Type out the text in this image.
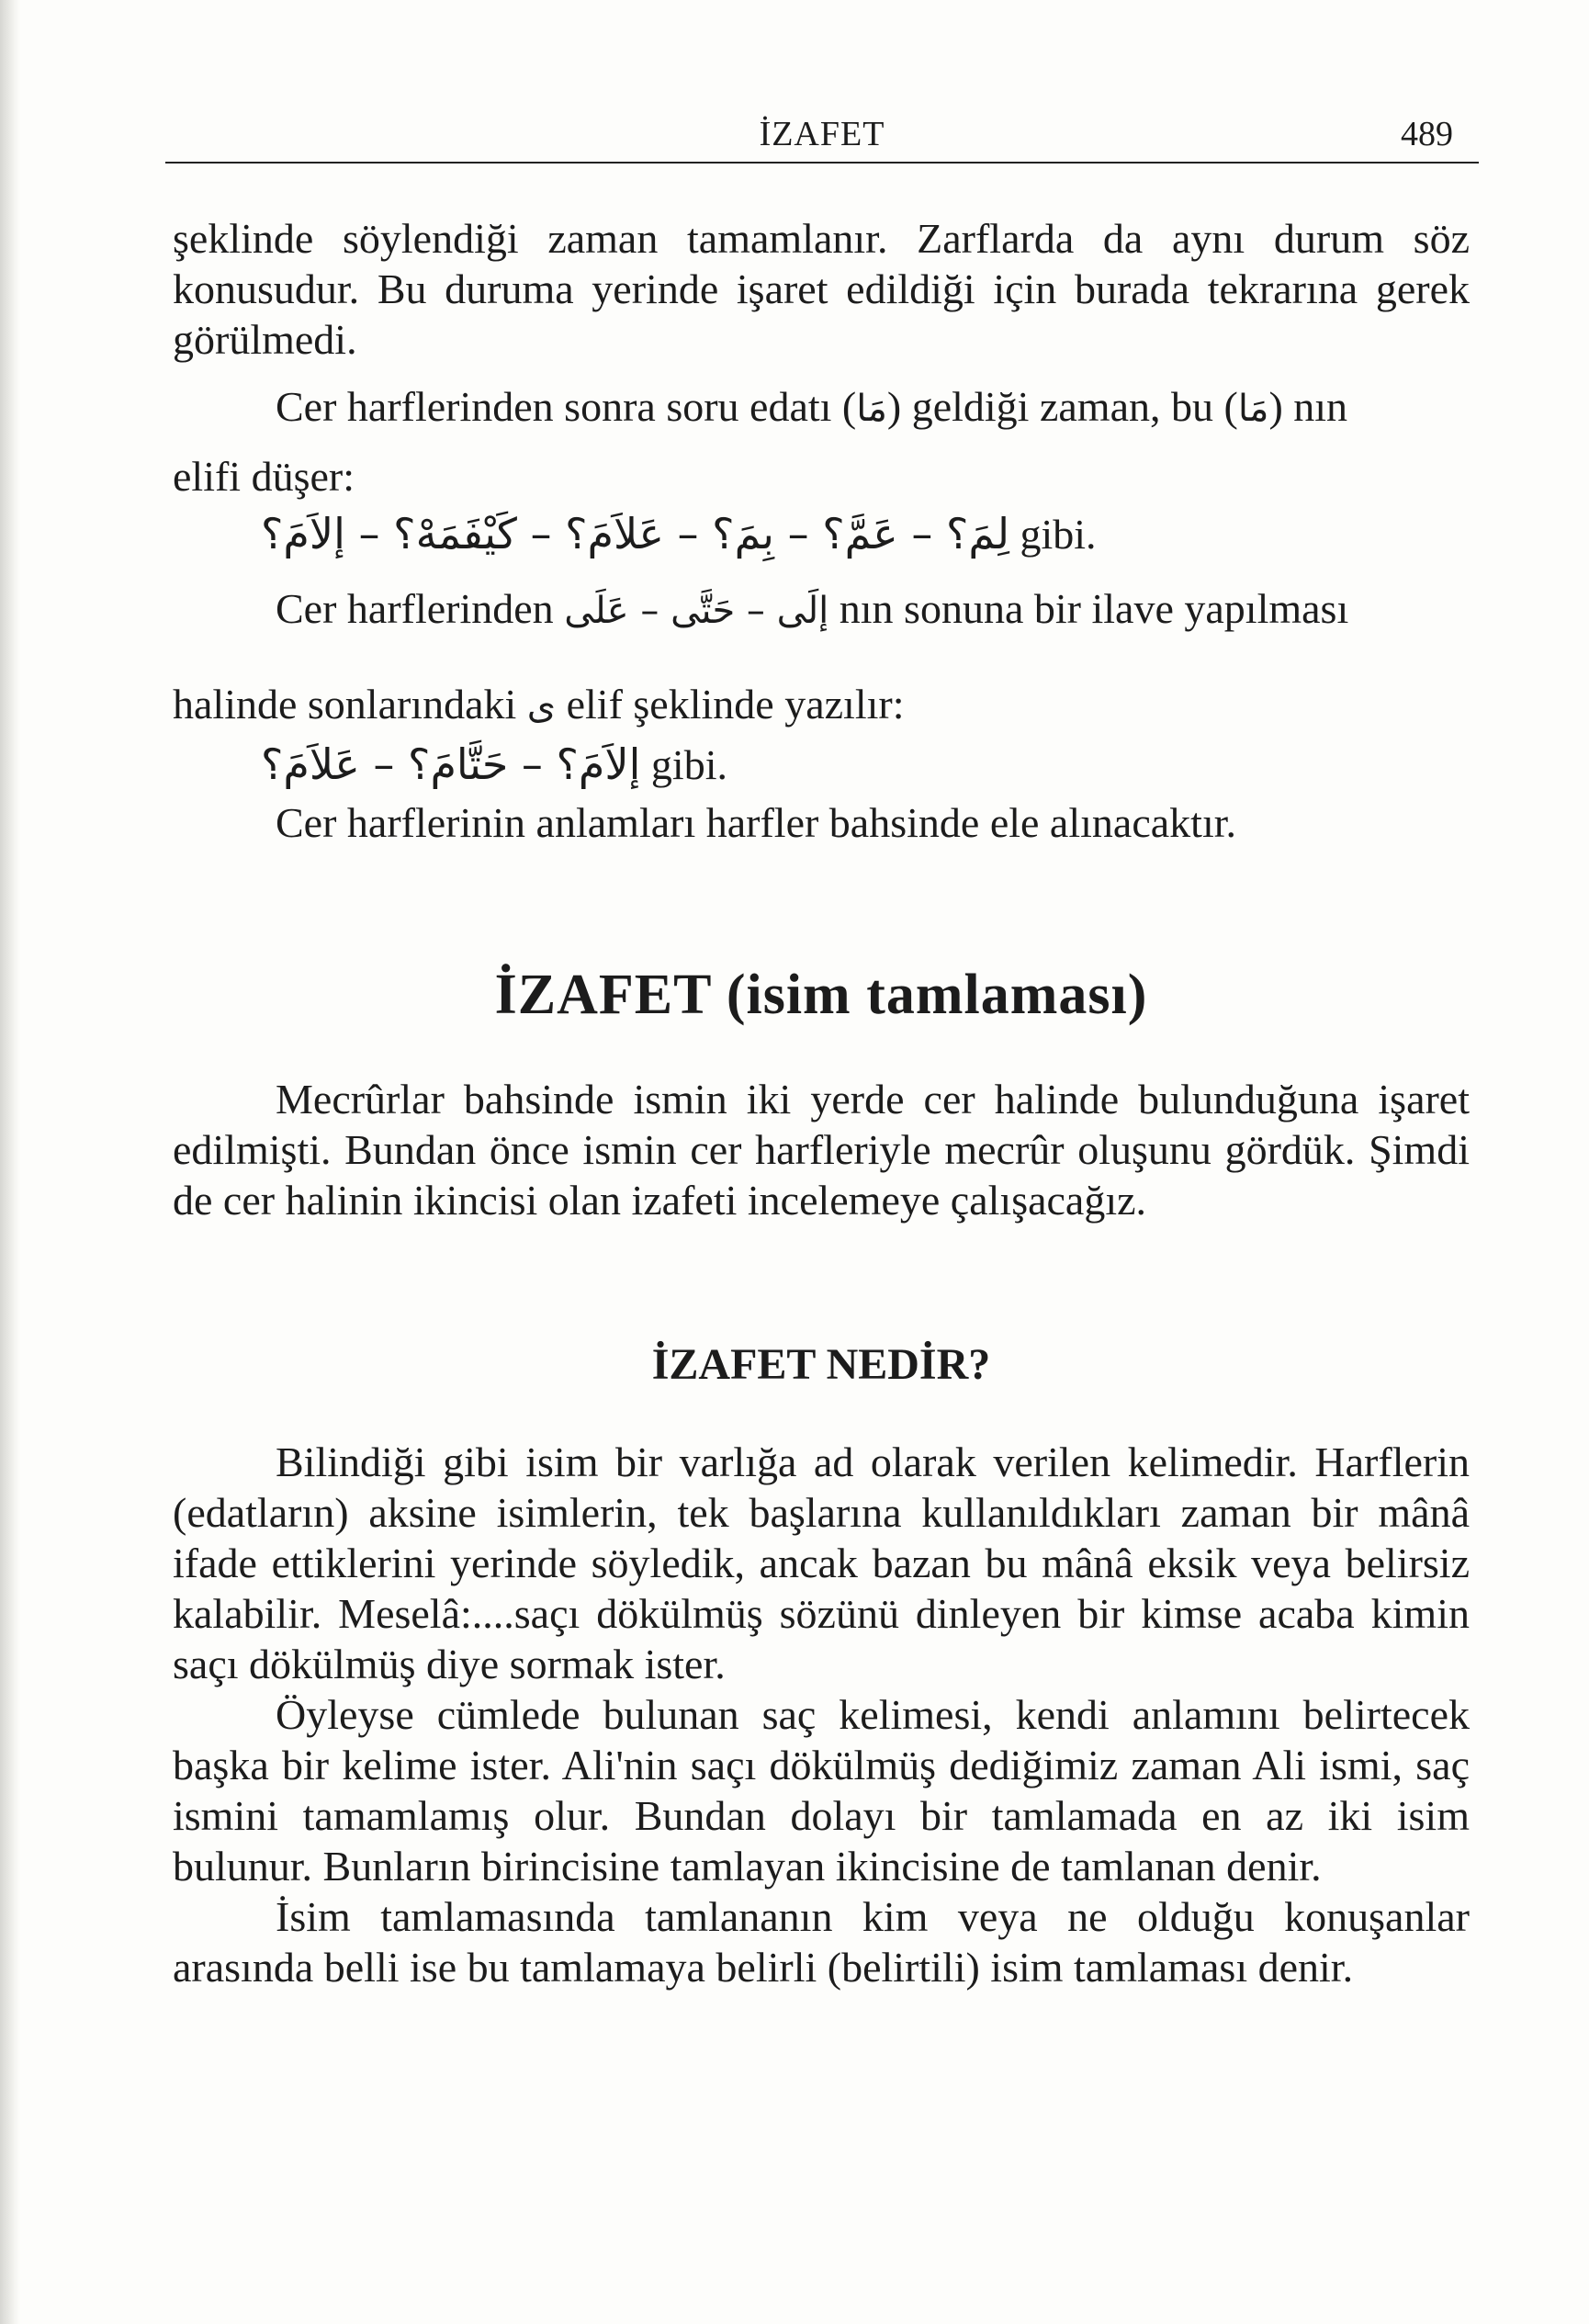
İZAFET	489

şeklinde söylendiği zaman tamamlanır. Zarflarda da aynı durum söz konusudur. Bu duruma yerinde işaret edildiği için burada tekrarına gerek görülmedi.

Cer harflerinden sonra soru edatı (مَا) geldiği zaman, bu (مَا) nın

elifi düşer:

لِمَ؟ – عَمَّ؟ – بِمَ؟ – عَلاَمَ؟ – كَيْفَمَهْ؟ – إلاَمَ؟ gibi.

Cer harflerinden إلَى – حَتَّى – عَلَى nın sonuna bir ilave yapılması

halinde sonlarındaki ى elif şeklinde yazılır:

إلاَمَ؟ – حَتَّامَ؟ – عَلاَمَ؟ gibi.

Cer harflerinin anlamları harfler bahsinde ele alınacaktır.

İZAFET (isim tamlaması)

Mecrûrlar bahsinde ismin iki yerde cer halinde bulunduğuna işaret edilmişti. Bundan önce ismin cer harfleriyle mecrûr oluşunu gördük. Şimdi de cer halinin ikincisi olan izafeti incelemeye çalışacağız.

İZAFET NEDİR?

Bilindiği gibi isim bir varlığa ad olarak verilen kelimedir. Harflerin (edatların) aksine isimlerin, tek başlarına kullanıldıkları zaman bir mânâ ifade ettiklerini yerinde söyledik, ancak bazan bu mânâ eksik veya belirsiz kalabilir. Meselâ:....saçı dökülmüş sözünü dinleyen bir kimse acaba kimin saçı dökülmüş diye sormak ister.

Öyleyse cümlede bulunan saç kelimesi, kendi anlamını belirtecek başka bir kelime ister. Ali'nin saçı dökülmüş dediğimiz zaman Ali ismi, saç ismini tamamlamış olur. Bundan dolayı bir tamlamada en az iki isim bulunur. Bunların birincisine tamlayan ikincisine de tamlanan denir.

İsim tamlamasında tamlananın kim veya ne olduğu konuşanlar arasında belli ise bu tamlamaya belirli (belirtili) isim tamlaması denir.
